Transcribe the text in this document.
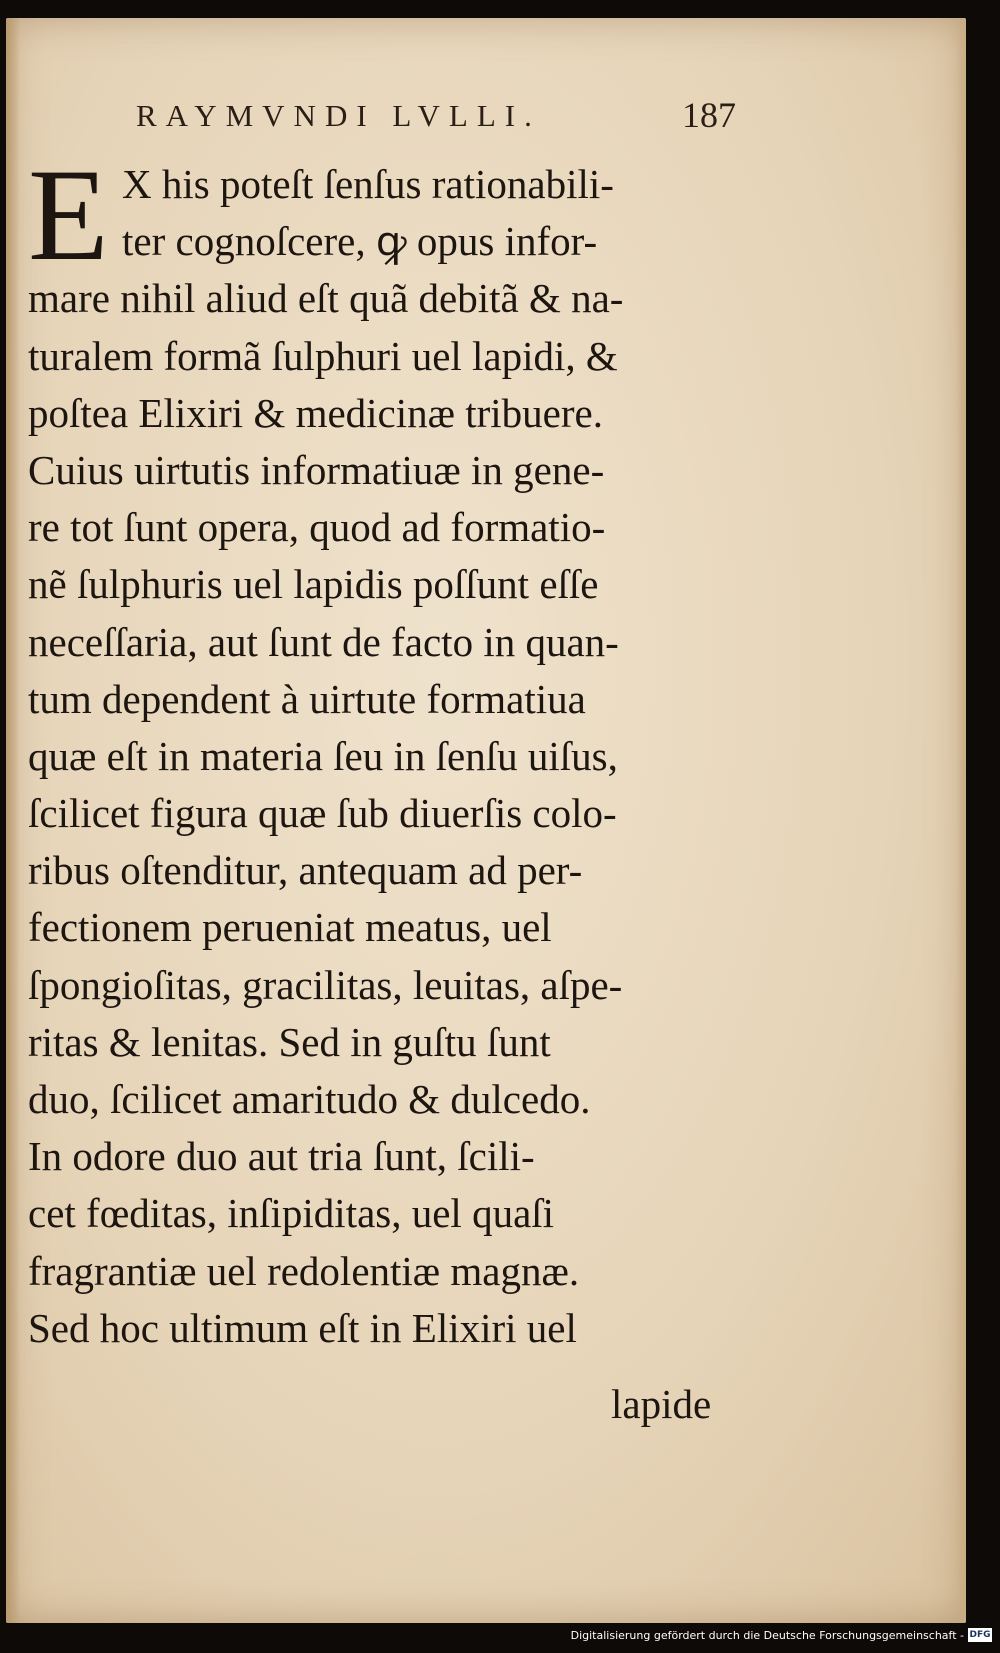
RAYMVNDI LVLLI.	187
E X his poteſt ſenſus rationabili-
ter cognoſcere, ꝙ opus infor-
mare nihil aliud eſt quã debitã & na-
turalem formã ſulphuri uel lapidi, &
poſtea Elixiri & medicinæ tribuere.
Cuius uirtutis informatiuæ in gene-
re tot ſunt opera, quod ad formatio-
nẽ ſulphuris uel lapidis poſſunt eſſe
neceſſaria, aut ſunt de facto in quan-
tum dependent à uirtute formatiua
quæ eſt in materia ſeu in ſenſu uiſus,
ſcilicet figura quæ ſub diuerſis colo-
ribus oſtenditur, antequam ad per-
fectionem perueniat meatus, uel
ſpongioſitas, gracilitas, leuitas, aſpe-
ritas & lenitas. Sed in guſtu ſunt
duo, ſcilicet amaritudo & dulcedo.
In odore duo aut tria ſunt, ſcili-
cet fœditas, inſipiditas, uel quaſi
fragrantiæ uel redolentiæ magnæ.
Sed hoc ultimum eſt in Elixiri uel
lapide
Digitalisierung gefördert durch die Deutsche Forschungsgemeinschaft - DFG
